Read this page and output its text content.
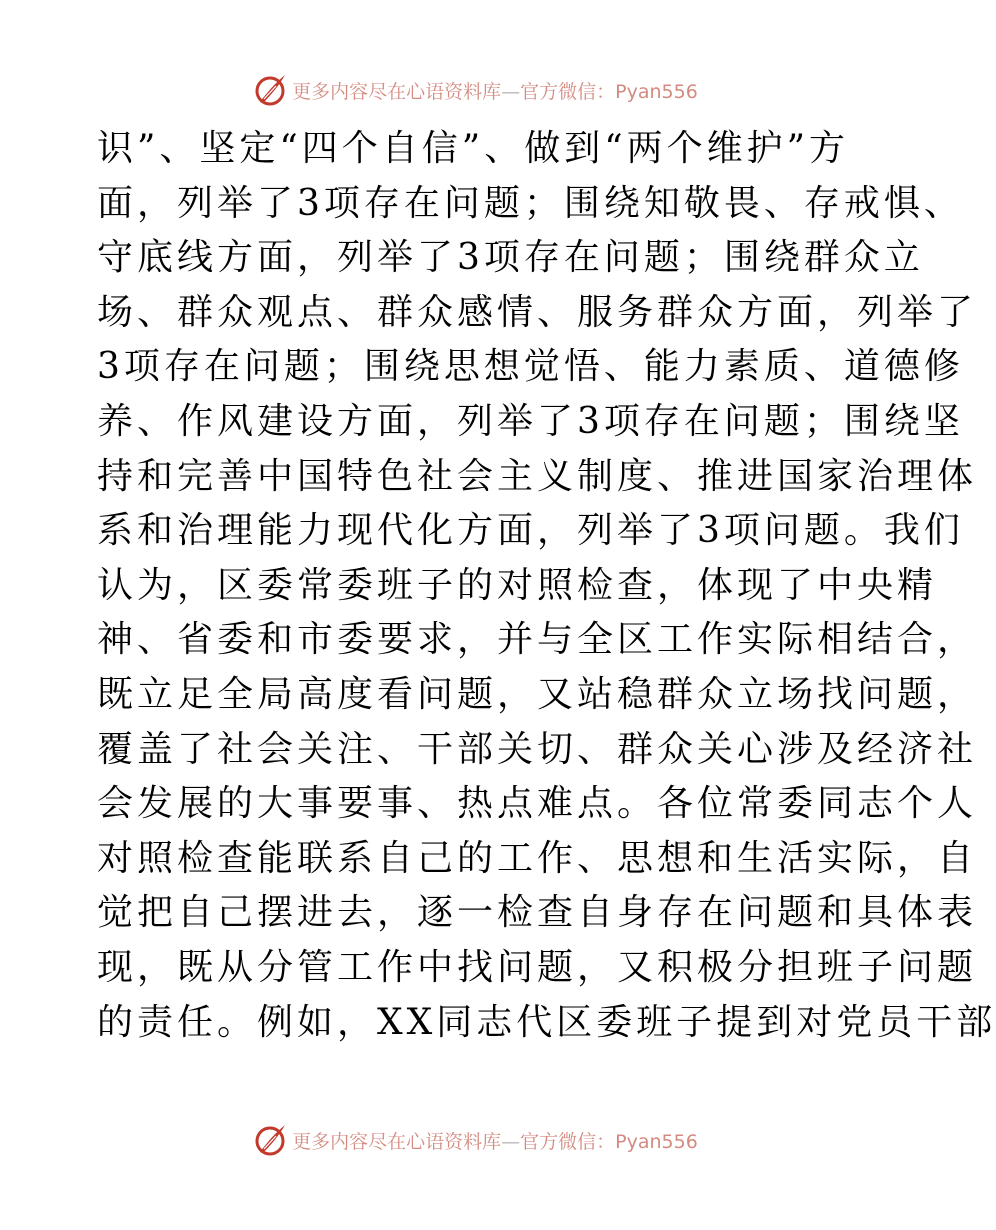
更多内容尽在心语资料库—官方微信：Pyan556
识”、坚定“四个自信”、做到“两个维护”方
面，列举了3项存在问题；围绕知敬畏、存戒惧、
守底线方面，列举了3项存在问题；围绕群众立
场、群众观点、群众感情、服务群众方面，列举了
3项存在问题；围绕思想觉悟、能力素质、道德修
养、作风建设方面，列举了3项存在问题；围绕坚
持和完善中国特色社会主义制度、推进国家治理体
系和治理能力现代化方面，列举了3项问题。我们
认为，区委常委班子的对照检查，体现了中央精
神、省委和市委要求，并与全区工作实际相结合，
既立足全局高度看问题，又站稳群众立场找问题，
覆盖了社会关注、干部关切、群众关心涉及经济社
会发展的大事要事、热点难点。各位常委同志个人
对照检查能联系自己的工作、思想和生活实际，自
觉把自己摆进去，逐一检查自身存在问题和具体表
现，既从分管工作中找问题，又积极分担班子问题
的责任。例如，XX同志代区委班子提到对党员干部
更多内容尽在心语资料库—官方微信：Pyan556
